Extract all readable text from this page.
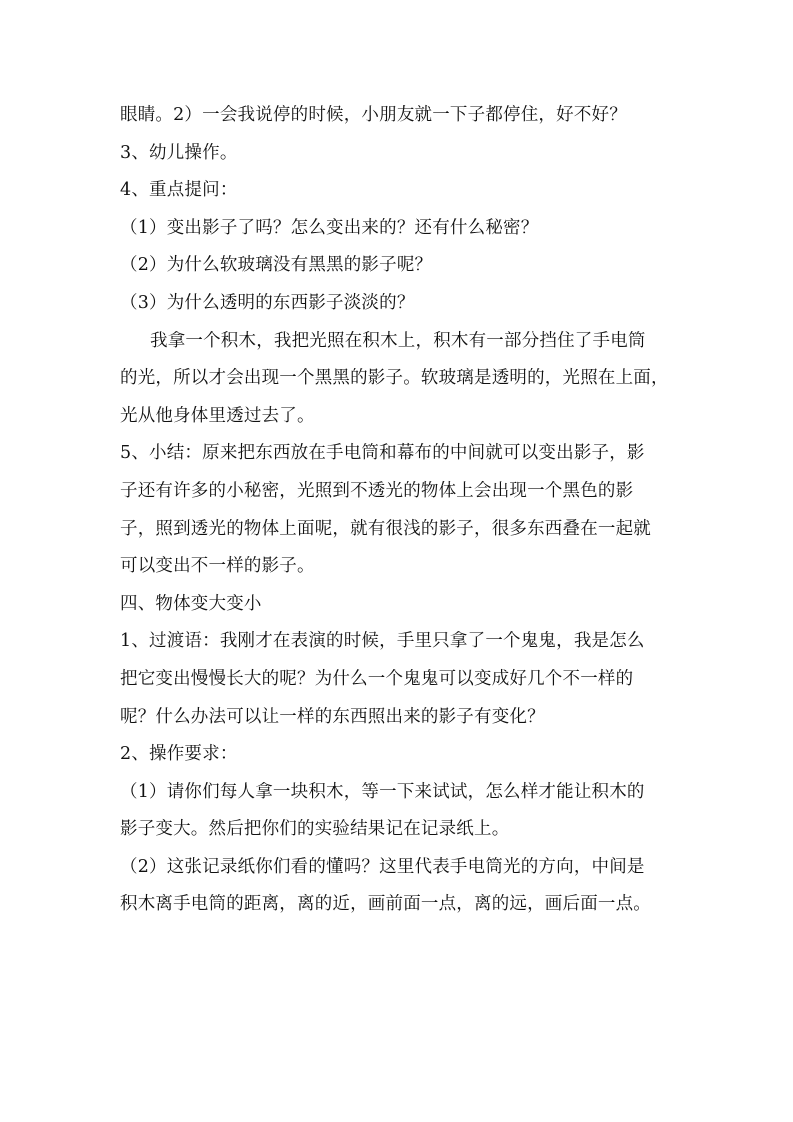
眼睛。2）一会我说停的时候，小朋友就一下子都停住，好不好？
3、幼儿操作。
4、重点提问：
（1）变出影子了吗？怎么变出来的？还有什么秘密？
（2）为什么软玻璃没有黑黑的影子呢？
（3）为什么透明的东西影子淡淡的？
我拿一个积木，我把光照在积木上，积木有一部分挡住了手电筒
的光，所以才会出现一个黑黑的影子。软玻璃是透明的，光照在上面，
光从他身体里透过去了。
5、小结：原来把东西放在手电筒和幕布的中间就可以变出影子，影
子还有许多的小秘密，光照到不透光的物体上会出现一个黑色的影
子，照到透光的物体上面呢，就有很浅的影子，很多东西叠在一起就
可以变出不一样的影子。
四、物体变大变小
1、过渡语：我刚才在表演的时候，手里只拿了一个鬼鬼，我是怎么
把它变出慢慢长大的呢？为什么一个鬼鬼可以变成好几个不一样的
呢？什么办法可以让一样的东西照出来的影子有变化？
2、操作要求：
（1）请你们每人拿一块积木，等一下来试试，怎么样才能让积木的
影子变大。然后把你们的实验结果记在记录纸上。
（2）这张记录纸你们看的懂吗？这里代表手电筒光的方向，中间是
积木离手电筒的距离，离的近，画前面一点，离的远，画后面一点。
